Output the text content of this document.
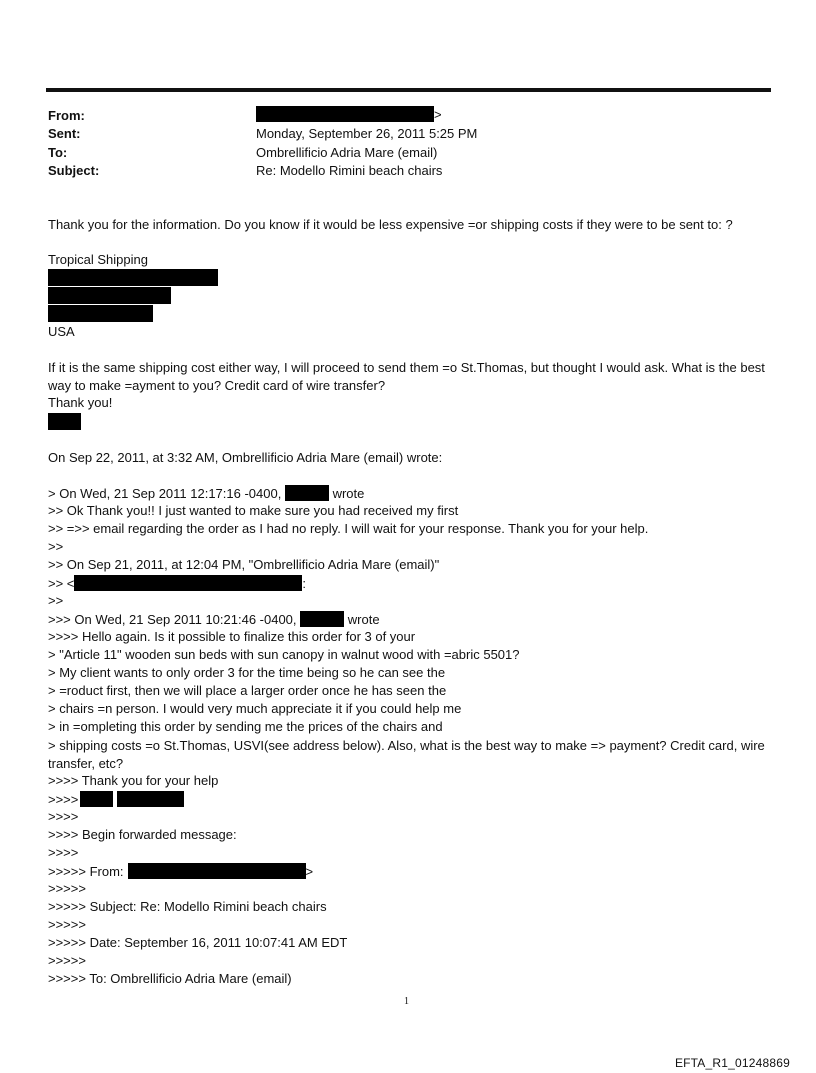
From:	>
Sent:	Monday, September 26, 2011 5:25 PM
To:	Ombrellificio Adria Mare (email)
Subject:	Re: Modello Rimini beach chairs
Thank you for the information. Do you know if it would be less expensive =or shipping costs if they were to be sent to: ?
Tropical Shipping
USA
If it is the same shipping cost either way, I will proceed to send them =o St.Thomas, but thought I would ask. What is the best way to make =ayment to you? Credit card of wire transfer?
Thank you!
On Sep 22, 2011, at 3:32 AM, Ombrellificio Adria Mare (email) wrote:
> On Wed, 21 Sep 2011 12:17:16 -0400,	wrote
>> Ok Thank you!! I just wanted to make sure you had received my first
>> =>> email regarding the order as I had no reply. I will wait for your response. Thank you for your help.
>>
>> On Sep 21, 2011, at 12:04 PM, "Ombrellificio Adria Mare (email)"
>> <	:
>>
>>> On Wed, 21 Sep 2011 10:21:46 -0400,	wrote
>>>> Hello again. Is it possible to finalize this order for 3 of your
> "Article 11" wooden sun beds with sun canopy in walnut wood with =abric 5501?
> My client wants to only order 3 for the time being so he can see the
> =roduct first, then we will place a larger order once he has seen the
> chairs =n person. I would very much appreciate it if you could help me
> in =ompleting this order by sending me the prices of the chairs and
> shipping costs =o St.Thomas, USVI(see address below). Also, what is the best way to make => payment? Credit card, wire transfer, etc?
>>>> Thank you for your help
>>>>
>>>>
>>>> Begin forwarded message:
>>>>
>>>>> From:	>
>>>>>
>>>>> Subject: Re: Modello Rimini beach chairs
>>>>>
>>>>> Date: September 16, 2011 10:07:41 AM EDT
>>>>>
>>>>> To: Ombrellificio Adria Mare (email)
1
EFTA_R1_01248869
